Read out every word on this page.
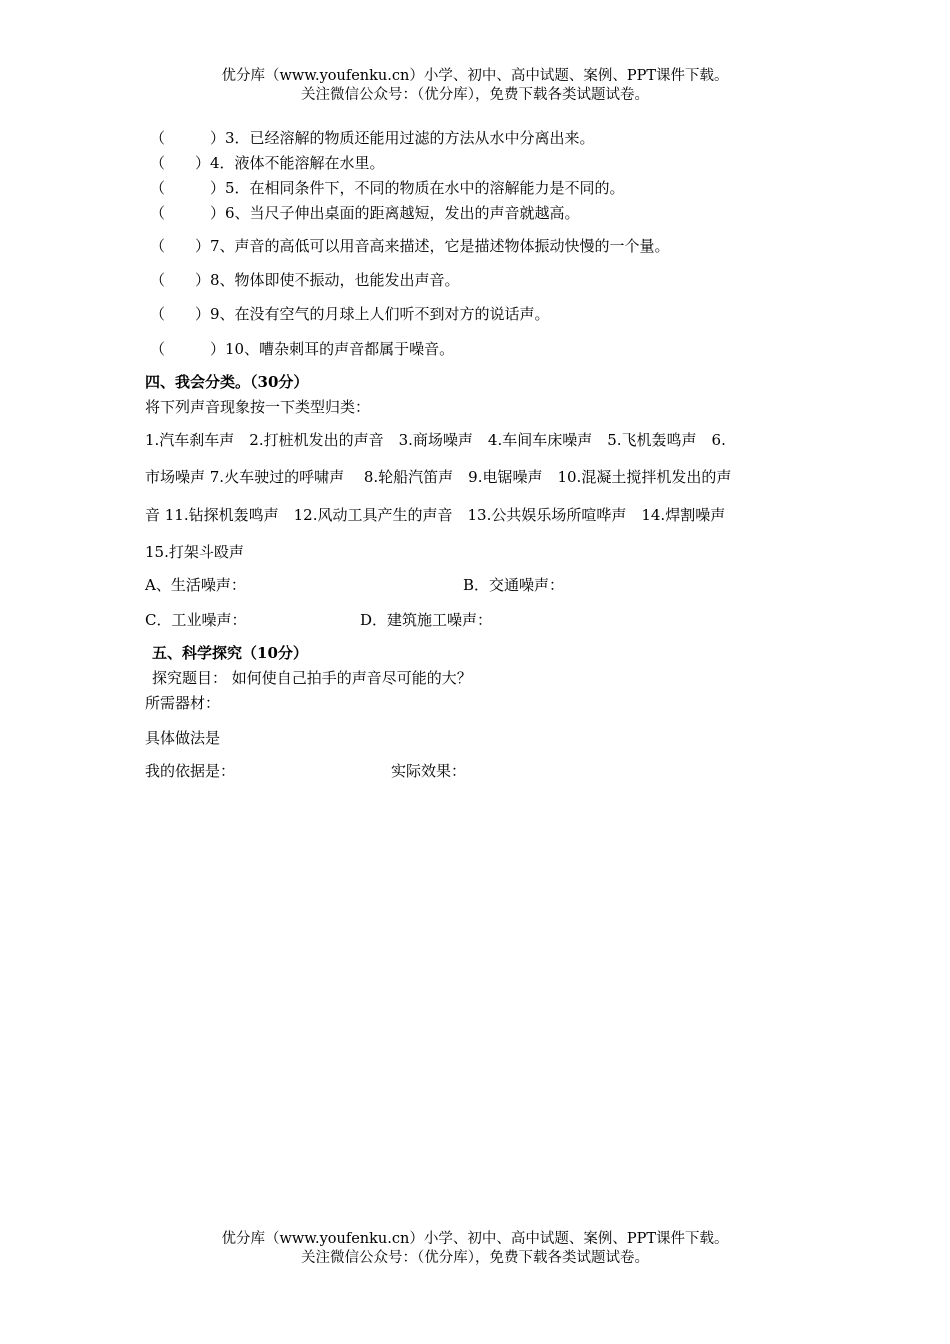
优分库（www.youfenku.cn）小学、初中、高中试题、案例、PPT课件下载。
关注微信公众号：（优分库），免费下载各类试题试卷。
（　　　）3．已经溶解的物质还能用过滤的方法从水中分离出来。
（　　）4．液体不能溶解在水里。
（　　　）5．在相同条件下，不同的物质在水中的溶解能力是不同的。
（　　　）6、当尺子伸出桌面的距离越短，发出的声音就越高。
（　　）7、声音的高低可以用音高来描述，它是描述物体振动快慢的一个量。
（　　）8、物体即使不振动，也能发出声音。
（　　）9、在没有空气的月球上人们听不到对方的说话声。
（　　　）10、嘈杂刺耳的声音都属于噪音。
四、我会分类。（30分）
将下列声音现象按一下类型归类：
1.汽车刹车声　2.打桩机发出的声音　3.商场噪声　4.车间车床噪声　5.飞机轰鸣声　6.
市场噪声 7.火车驶过的呼啸声　 8.轮船汽笛声　9.电锯噪声　10.混凝土搅拌机发出的声
音 11.钻探机轰鸣声　12.风动工具产生的声音　13.公共娱乐场所喧哗声　14.焊割噪声
15.打架斗殴声
A、生活噪声：	B．交通噪声：
C．工业噪声：	D．建筑施工噪声：
五、科学探究（10分）
探究题目： 如何使自己拍手的声音尽可能的大？
所需器材：
具体做法是
我的依据是：	实际效果：
优分库（www.youfenku.cn）小学、初中、高中试题、案例、PPT课件下载。
关注微信公众号：（优分库），免费下载各类试题试卷。
